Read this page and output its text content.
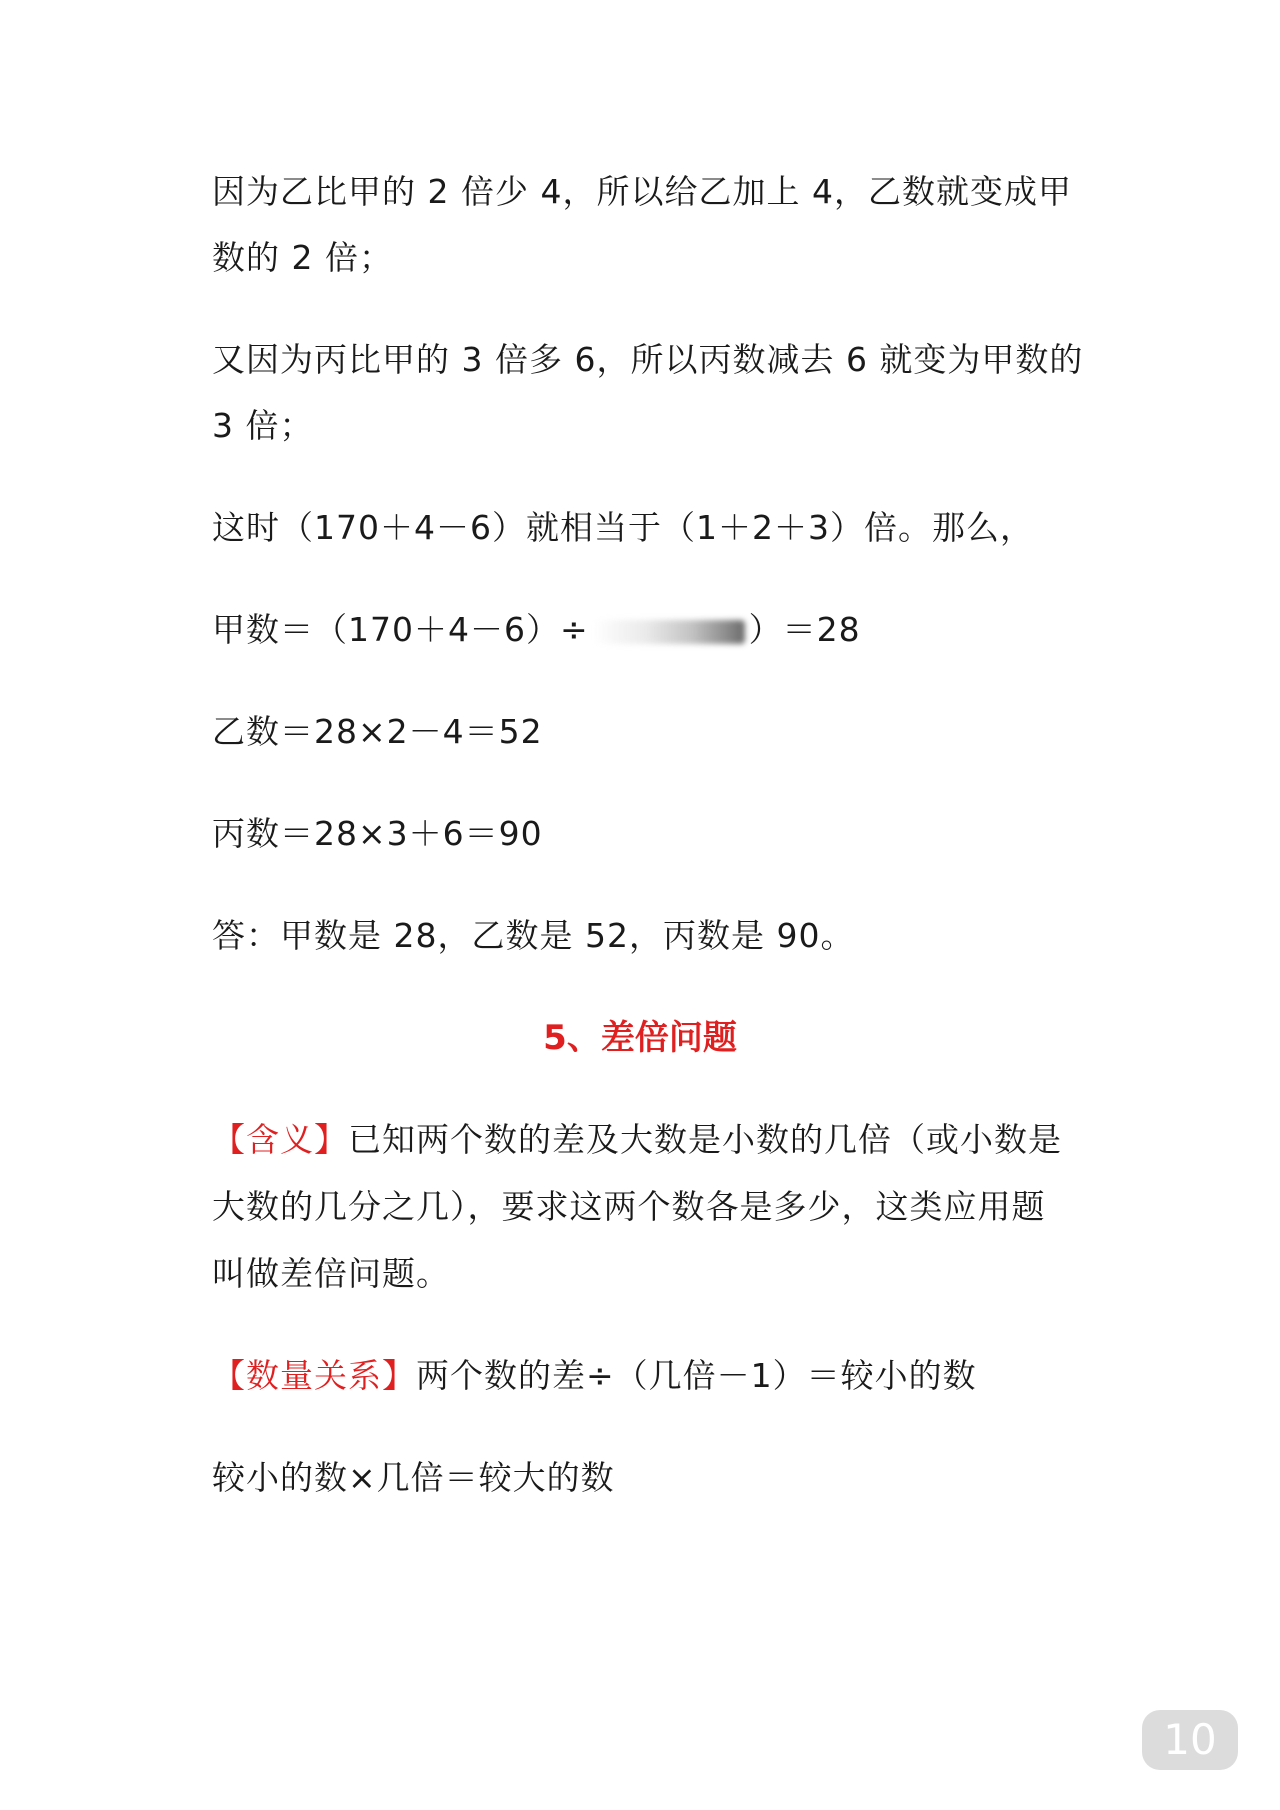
因为乙比甲的 2 倍少 4，所以给乙加上 4，乙数就变成甲
数的 2 倍；
又因为丙比甲的 3 倍多 6，所以丙数减去 6 就变为甲数的
3 倍；
这时（170＋4－6）就相当于（1＋2＋3）倍。那么，
甲数＝（170＋4－6）÷	）＝28
乙数＝28×2－4＝52
丙数＝28×3＋6＝90
答：甲数是 28，乙数是 52，丙数是 90。
5、差倍问题
【含义】已知两个数的差及大数是小数的几倍（或小数是
大数的几分之几），要求这两个数各是多少，这类应用题
叫做差倍问题。
【数量关系】两个数的差÷（几倍－1）＝较小的数
较小的数×几倍＝较大的数
10
